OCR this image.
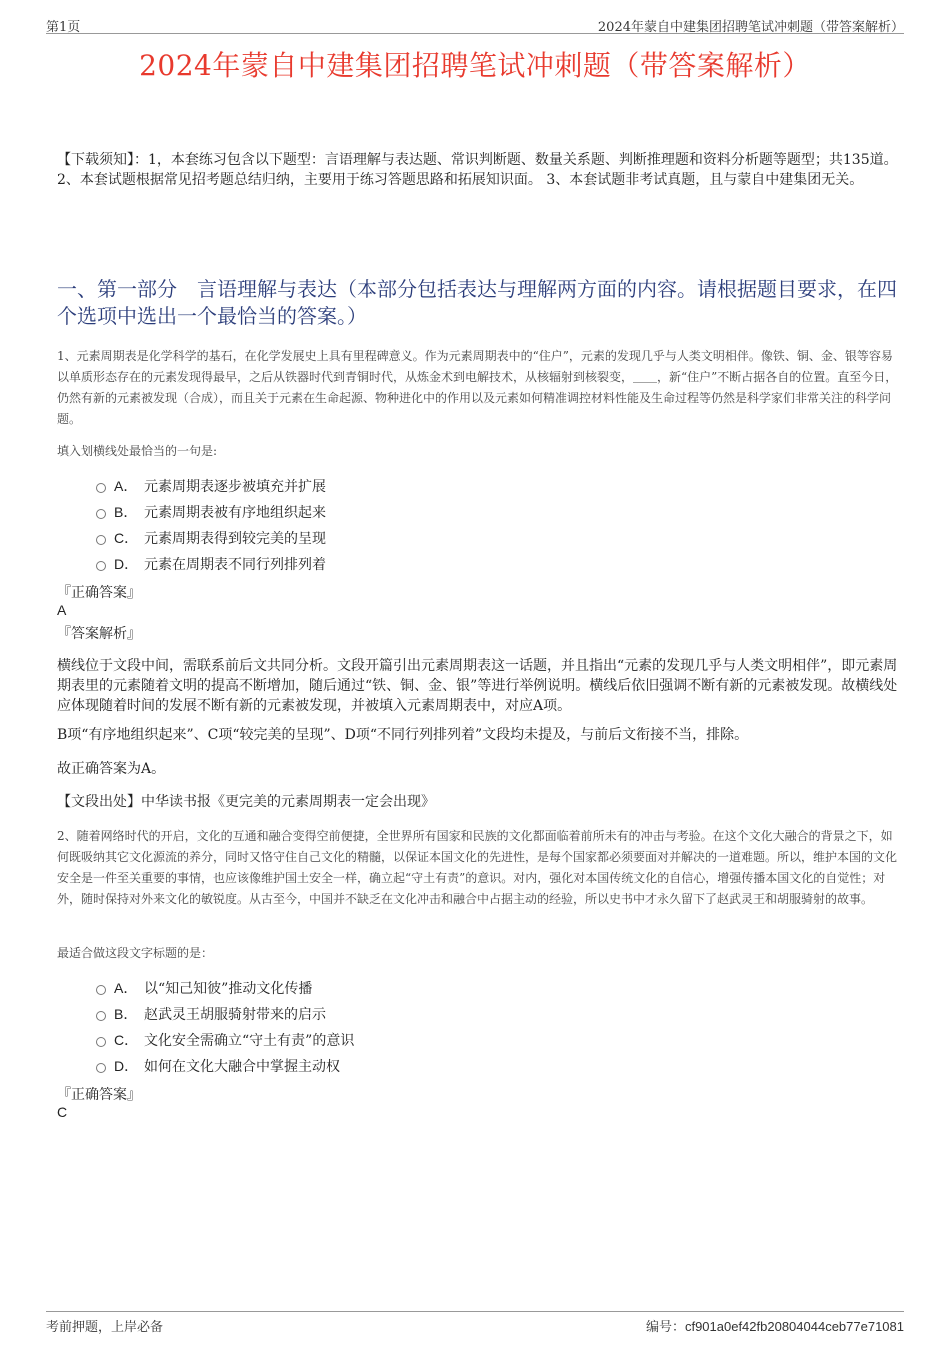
第1页	2024年蒙自中建集团招聘笔试冲刺题（带答案解析）
2024年蒙自中建集团招聘笔试冲刺题（带答案解析）
【下载须知】：1，本套练习包含以下题型：言语理解与表达题、常识判断题、数量关系题、判断推理题和资料分析题等题型；共135道。 2、本套试题根据常见招考题总结归纳，主要用于练习答题思路和拓展知识面。 3、本套试题非考试真题，且与蒙自中建集团无关。
一、第一部分　言语理解与表达（本部分包括表达与理解两方面的内容。请根据题目要求，在四个选项中选出一个最恰当的答案。）
1、元素周期表是化学科学的基石，在化学发展史上具有里程碑意义。作为元素周期表中的“住户”，元素的发现几乎与人类文明相伴。像铁、铜、金、银等容易以单质形态存在的元素发现得最早，之后从铁器时代到青铜时代，从炼金术到电解技术，从核辐射到核裂变，＿＿，新“住户”不断占据各自的位置。直至今日，仍然有新的元素被发现（合成），而且关于元素在生命起源、物种进化中的作用以及元素如何精准调控材料性能及生命过程等仍然是科学家们非常关注的科学问题。
填入划横线处最恰当的一句是:
A． 元素周期表逐步被填充并扩展
B． 元素周期表被有序地组织起来
C． 元素周期表得到较完美的呈现
D． 元素在周期表不同行列排列着
『正确答案』
A
『答案解析』
横线位于文段中间，需联系前后文共同分析。文段开篇引出元素周期表这一话题，并且指出“元素的发现几乎与人类文明相伴”，即元素周期表里的元素随着文明的提高不断增加，随后通过“铁、铜、金、银”等进行举例说明。横线后依旧强调不断有新的元素被发现。故横线处应体现随着时间的发展不断有新的元素被发现，并被填入元素周期表中，对应A项。
B项“有序地组织起来”、C项“较完美的呈现”、D项“不同行列排列着”文段均未提及，与前后文衔接不当，排除。
故正确答案为A。
【文段出处】中华读书报《更完美的元素周期表一定会出现》
2、随着网络时代的开启，文化的互通和融合变得空前便捷，全世界所有国家和民族的文化都面临着前所未有的冲击与考验。在这个文化大融合的背景之下，如何既吸纳其它文化源流的养分，同时又恪守住自己文化的精髓，以保证本国文化的先进性，是每个国家都必须要面对并解决的一道难题。所以，维护本国的文化安全是一件至关重要的事情，也应该像维护国土安全一样，确立起“守土有责”的意识。对内，强化对本国传统文化的自信心，增强传播本国文化的自觉性；对外，随时保持对外来文化的敏锐度。从古至今，中国并不缺乏在文化冲击和融合中占据主动的经验，所以史书中才永久留下了赵武灵王和胡服骑射的故事。
最适合做这段文字标题的是：
A． 以“知己知彼”推动文化传播
B． 赵武灵王胡服骑射带来的启示
C． 文化安全需确立“守土有责”的意识
D． 如何在文化大融合中掌握主动权
『正确答案』
C
考前押题，上岸必备	编号：cf901a0ef42fb20804044ceb77e71081
